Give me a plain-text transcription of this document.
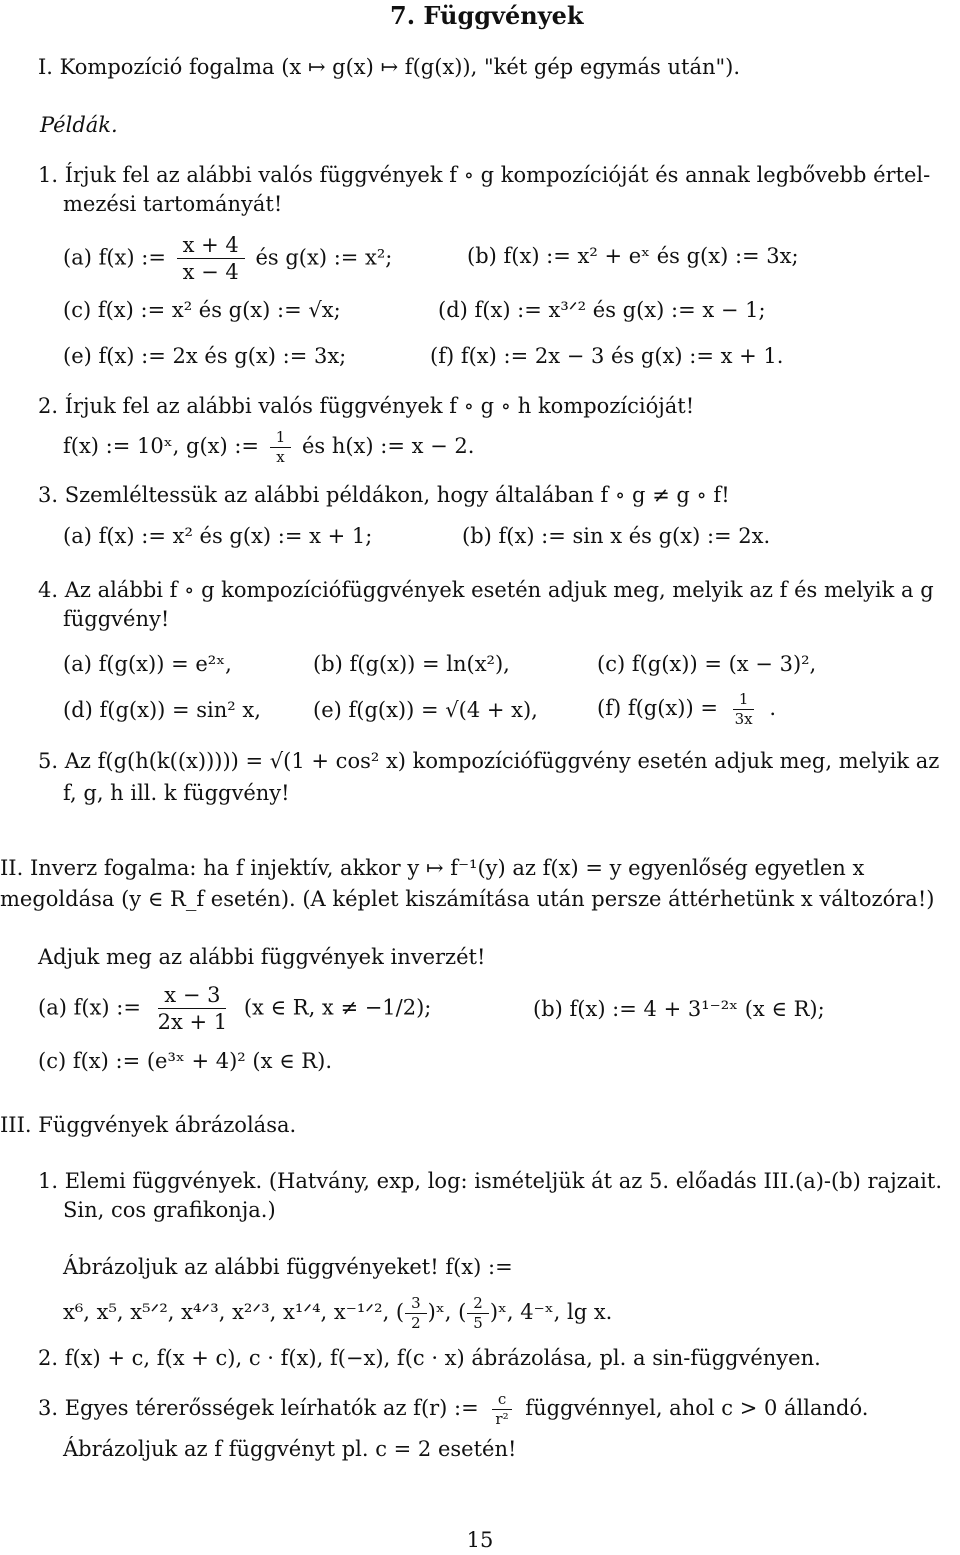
7. Függvények
I. Kompozíció fogalma (x ↦ g(x) ↦ f(g(x)), "két gép egymás után").
Példák.
1. Írjuk fel az alábbi valós függvények f ∘ g kompozícióját és annak legbővebb értel-
mezési tartományát!
(a) f(x) := $\frac{x + 4}{x - 4}$ és g(x) := x²;	(b) f(x) := x² + eˣ és g(x) := 3x;
(c) f(x) := x² és g(x) := √x;	(d) f(x) := x³ᐟ² és g(x) := x − 1;
(e) f(x) := 2x és g(x) := 3x;	(f) f(x) := 2x − 3 és g(x) := x + 1.
2. Írjuk fel az alábbi valós függvények f ∘ g ∘ h kompozícióját!
f(x) := 10ˣ, g(x) := $\frac{1}{x}$ és h(x) := x − 2.
3. Szemléltessük az alábbi példákon, hogy általában f ∘ g ≠ g ∘ f!
(a) f(x) := x² és g(x) := x + 1;	(b) f(x) := sin x és g(x) := 2x.
4. Az alábbi f ∘ g kompozíciófüggvények esetén adjuk meg, melyik az f és melyik a g
függvény!
(a) f(g(x)) = e²ˣ,	(b) f(g(x)) = ln(x²),	(c) f(g(x)) = (x − 3)²,
(d) f(g(x)) = sin² x, (e) f(g(x)) = √(4 + x),	(f) $f(g(x)) = \frac{1}{3x}$ .
5. Az f(g(h(k((x))))) = √(1 + cos² x) kompozíciófüggvény esetén adjuk meg, melyik az
f, g, h ill. k függvény!
II. Inverz fogalma: ha f injektív, akkor y ↦ f⁻¹(y) az f(x) = y egyenlőség egyetlen x
megoldása (y ∈ R_f esetén). (A képlet kiszámítása után persze áttérhetünk x változóra!)
Adjuk meg az alábbi függvények inverzét!
(a) f(x) := $\frac{x - 3}{2x + 1} (x$ ∈ R, x ≠ −1/2);	(b) f(x) := 4 + 3¹⁻²ˣ (x ∈ R);
(c) f(x) := (e³ˣ + 4)² (x ∈ R).
III. Függvények ábrázolása.
1. Elemi függvények. (Hatvány, exp, log: ismételjük át az 5. előadás III.(a)-(b) rajzait.
Sin, cos grafikonja.)
Ábrázoljuk az alábbi függvényeket! f(x) :=
x⁶, x⁵, x⁵ᐟ², x⁴ᐟ³, x²ᐟ³, x¹ᐟ⁴, x⁻¹ᐟ², ( $\frac{3}{2}$ )ˣ, ( $\frac{2}{5}$ )ˣ, 4⁻ˣ, lg x.
2. f(x) + c, f(x + c), c · f(x), f(−x), f(c · x) ábrázolása, pl. a sin-függvényen.
3. Egyes térerősségek leírhatók az f(r) := $\frac{c}{\text{r²}}$ függvénnyel, ahol c > 0 állandó.
Ábrázoljuk az f függvényt pl. c = 2 esetén!
15
